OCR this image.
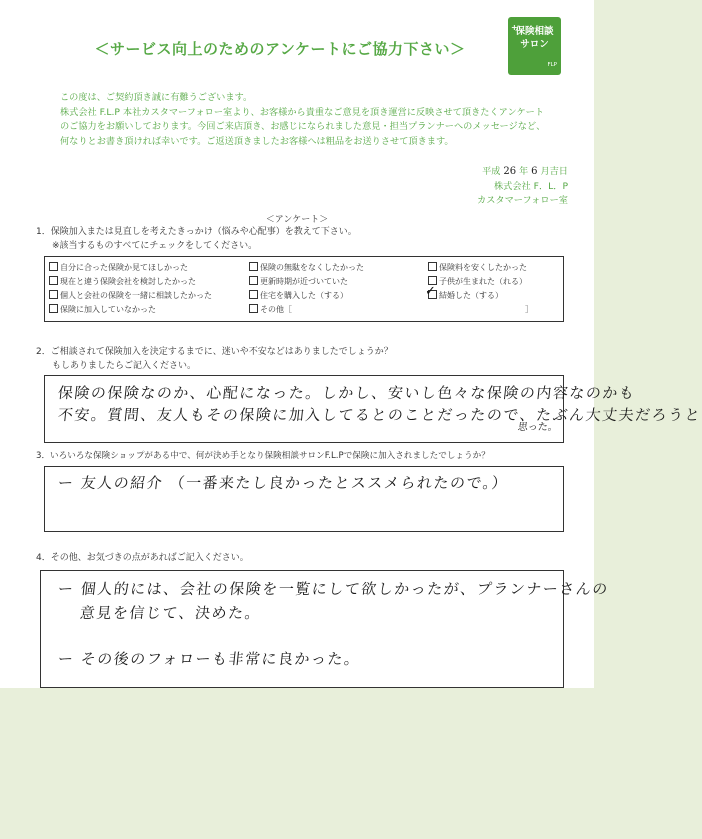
＜サービス向上のためのアンケートにご協力下さい＞
+
保険相談
サロン
FLP
この度は、ご契約頂き誠に有難うございます。
株式会社 F.L.P 本社カスタマーフォロー室より、お客様から貴重なご意見を頂き運営に反映させて頂きたくアンケート
のご協力をお願いしております。今回ご来店頂き、お感じになられました意見・担当プランナーへのメッセージなど、
何なりとお書き頂ければ幸いです。ご返送頂きましたお客様へは粗品をお送りさせて頂きます。
平成 26 年 6 月吉日
株式会社 F．L．P
カスタマーフォロー室
＜アンケート＞
1．保険加入または見直しを考えたきっかけ（悩みや心配事）を教えて下さい。
※該当するものすべてにチェックをしてください。
自分に合った保険か見てほしかった
現在と違う保険会社を検討したかった
個人と会社の保険を一緒に相談したかった
保険に加入していなかった
保険の無駄をなくしたかった
更新時期が近づいていた
住宅を購入した（する）
その他［
保険料を安くしたかった
子供が生まれた（れる）
結婚した（する）
］
✓
2．ご相談されて保険加入を決定するまでに、迷いや不安などはありましたでしょうか？
もしありましたらご記入ください。
保険の保険なのか、心配になった。しかし、安いし色々な保険の内容なのかも
不安。質問、友人もその保険に加入してるとのことだったので、たぶん大丈夫だろうと
思った。
3．いろいろな保険ショップがある中で、何が決め手となり保険相談サロンF.L.Pで保険に加入されましたでしょうか？
ー 友人の紹介 （一番来たし良かったとススメられたので。）
4．その他、お気づきの点があればご記入ください。
ー 個人的には、会社の保険を一覧にして欲しかったが、プランナーさんの
意見を信じて、決めた。
ー その後のフォローも非常に良かった。
